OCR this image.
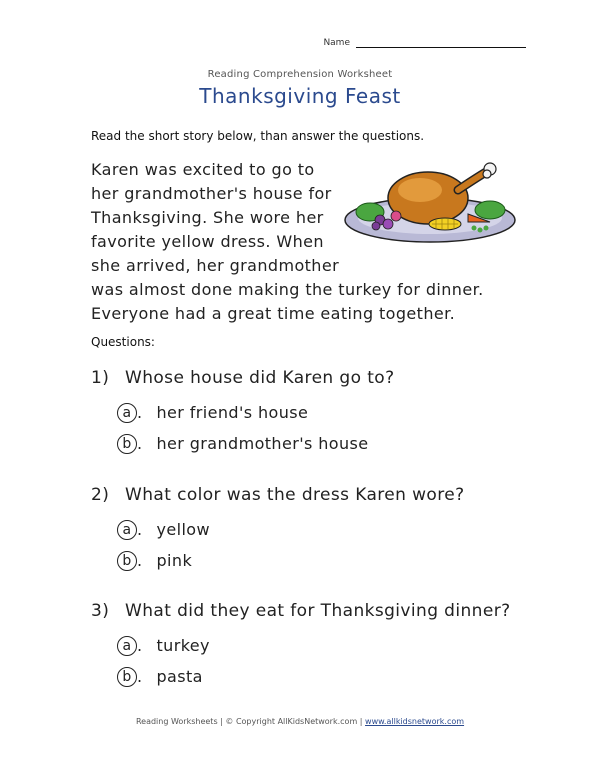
Name
Reading Comprehension Worksheet
Thanksgiving Feast
Read the short story below, than answer the questions.
Karen was excited to go to
her grandmother's house for
Thanksgiving. She wore her
favorite yellow dress. When
she arrived, her grandmother
was almost done making the turkey for dinner.
Everyone had a great time eating together.
Questions:
1) Whose house did Karen go to?
a . her friend's house
b . her grandmother's house
2) What color was the dress Karen wore?
a . yellow
b . pink
3) What did they eat for Thanksgiving dinner?
a . turkey
b . pasta
Reading Worksheets | © Copyright AllKidsNetwork.com | www.allkidsnetwork.com
